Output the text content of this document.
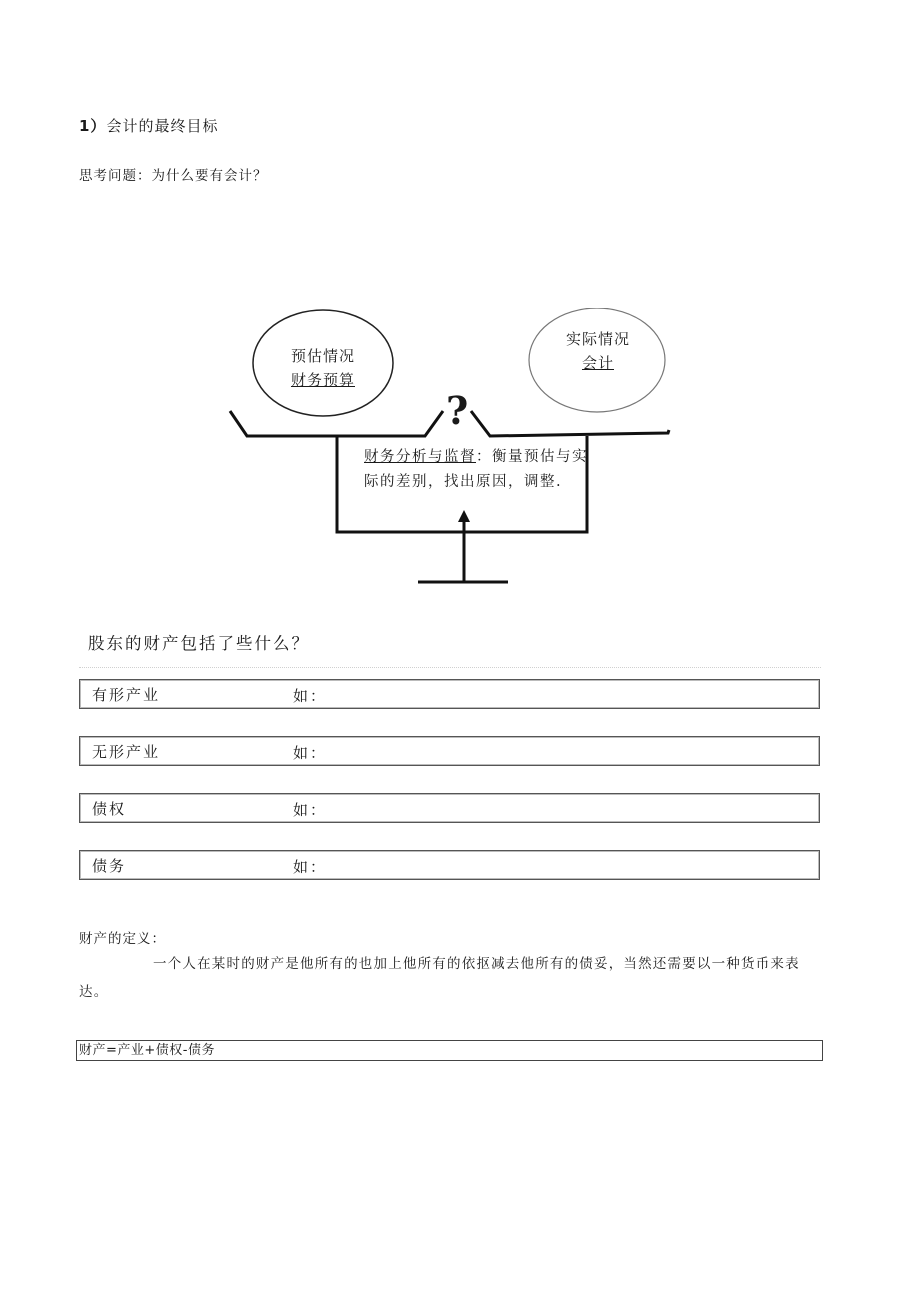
1）会计的最终目标
思考问题：为什么要有会计？
预估情况
财务预算
实际情况
会计
?
财务分析与监督：衡量预估与实际的差别，找出原因，调整.
股东的财产包括了些什么？
有形产业	如：
无形产业	如：
债权	如：
债务	如：
财产的定义：
一个人在某时的财产是他所有的也加上他所有的依抠减去他所有的债妥，当然还需要以一种货币来表达。
财产=产业+债权-债务
